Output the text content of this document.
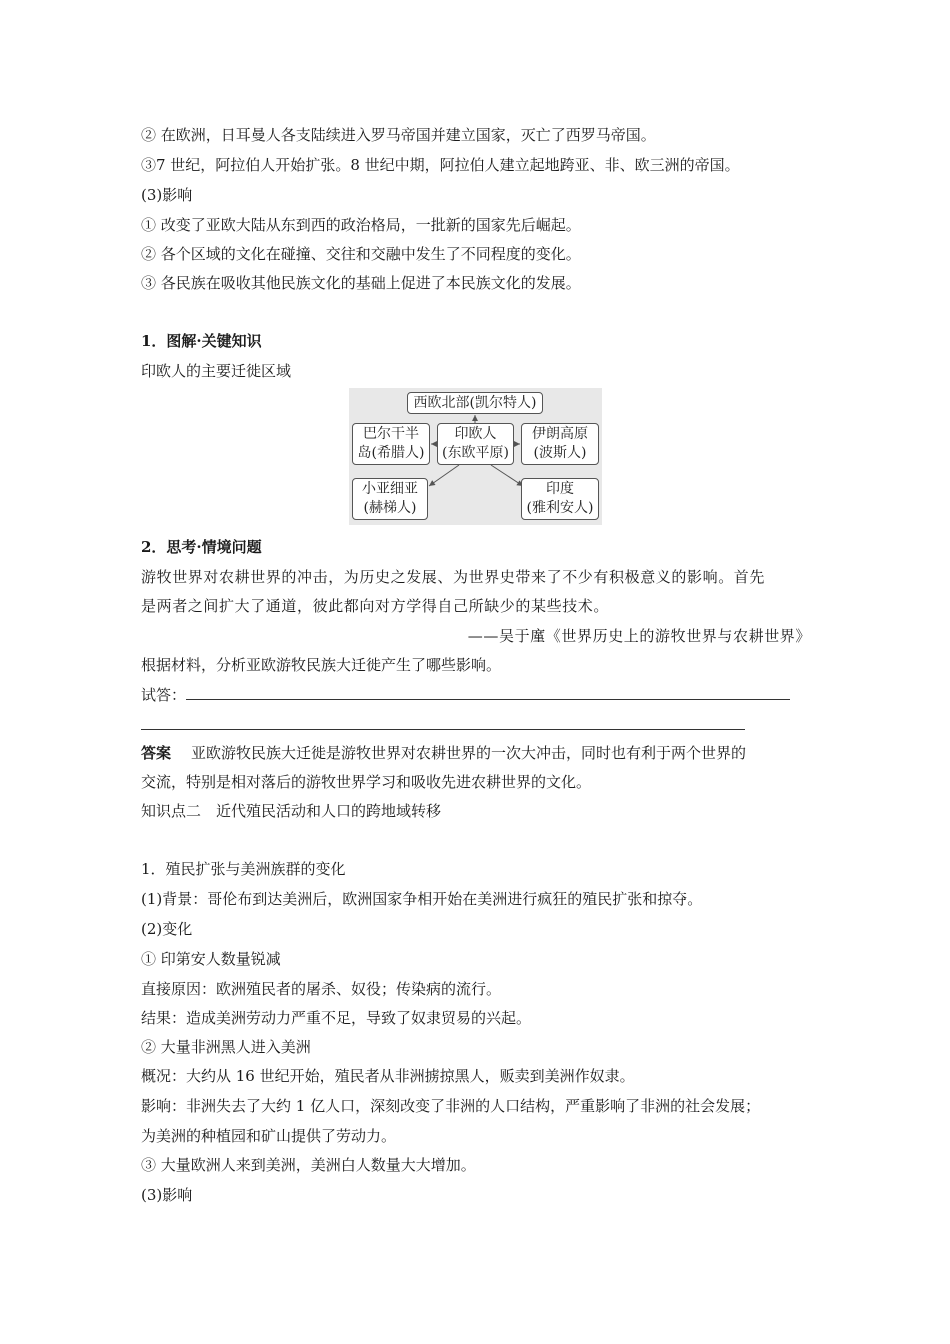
② 在欧洲，日耳曼人各支陆续进入罗马帝国并建立国家，灭亡了西罗马帝国。
③7 世纪，阿拉伯人开始扩张。8 世纪中期，阿拉伯人建立起地跨亚、非、欧三洲的帝国。
(3)影响
① 改变了亚欧大陆从东到西的政治格局，一批新的国家先后崛起。
② 各个区域的文化在碰撞、交往和交融中发生了不同程度的变化。
③ 各民族在吸收其他民族文化的基础上促进了本民族文化的发展。
1．图解·关键知识
印欧人的主要迁徙区域
西欧北部(凯尔特人)
印欧人
(东欧平原)
巴尔干半
岛(希腊人)
伊朗高原
(波斯人)
小亚细亚
(赫梯人)
印度
(雅利安人)
2．思考·情境问题
游牧世界对农耕世界的冲击，为历史之发展、为世界史带来了不少有积极意义的影响。首先
是两者之间扩大了通道，彼此都向对方学得自己所缺少的某些技术。
——吴于廑《世界历史上的游牧世界与农耕世界》
根据材料，分析亚欧游牧民族大迁徙产生了哪些影响。
试答：
答案 亚欧游牧民族大迁徙是游牧世界对农耕世界的一次大冲击，同时也有利于两个世界的
交流，特别是相对落后的游牧世界学习和吸收先进农耕世界的文化。
知识点二　近代殖民活动和人口的跨地域转移
1．殖民扩张与美洲族群的变化
(1)背景：哥伦布到达美洲后，欧洲国家争相开始在美洲进行疯狂的殖民扩张和掠夺。
(2)变化
① 印第安人数量锐减
直接原因：欧洲殖民者的屠杀、奴役；传染病的流行。
结果：造成美洲劳动力严重不足，导致了奴隶贸易的兴起。
② 大量非洲黑人进入美洲
概况：大约从 16 世纪开始，殖民者从非洲掳掠黑人，贩卖到美洲作奴隶。
影响：非洲失去了大约 1 亿人口，深刻改变了非洲的人口结构，严重影响了非洲的社会发展；
为美洲的种植园和矿山提供了劳动力。
③ 大量欧洲人来到美洲，美洲白人数量大大增加。
(3)影响
